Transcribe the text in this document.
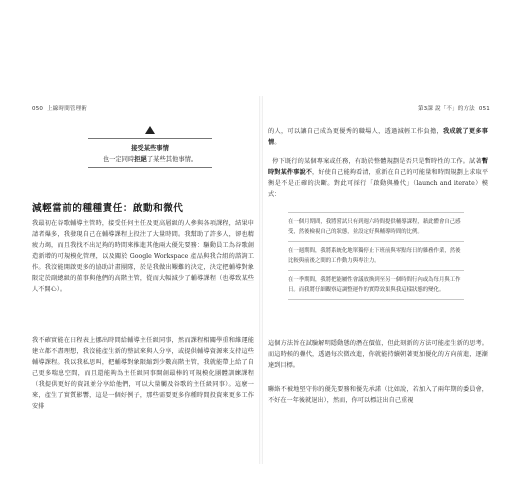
050 上線時間管理術
接受某些事情
也一定同時拒絕了某些其他事情。
減輕當前的種種責任：啟動和微代

我最初在谷歌輔導主管時，接受任何主任及更高層級的人參與各項課程，結果申請者爆多，我發現自己在輔導課程上投注了大量時間。我幫助了許多人，卻也精疲力竭，而且我找不出足夠的時間來推進其他兩大優先要務：驅動員工為谷歌創造新增的可規模化管理，以及關於 Google Workspace 產品與我合組的諮詢工作。我沒能開啟更多的協助計畫團隊，於是我做出艱難的決定，決定把輔導對象限定於副總級的董事與他們的高階主管，從而大幅減少了輔導課程（也導致某些人不開心）。

我不確實能在日程表上挪出時間給輔導主任級同事，然而課程相關學重和維運能建立都不盡理想，我沒能產生新的整試來與人分享，或提供輔導資源來支持這些輔導課程。我以我私思叫，把輔導對象限縮到少數高階主管，我就能帶上給了自己更多喘息空間，而且還能夠為主任級同事開創最棒的可規模化團體訓練課程（我提供更好的資訊並分享給他們，可以大量觸及谷歌的主任級同事）。這麼一來，產生了實質影響，這是一個好例子，那些需要更多你種時間投資來更多工作安排

第3課 說「不」的方法 051

的人，可以讓自己成為更優秀的職場人，透過減輕工作負擔，我成就了更多事情。

停下既行的某個專案或任務，有助於整體規劃是否只是暫時性的工作。試著暫時對某件事說不，好使自己能夠看清，重新在自己的可能量和時間規劃上求取平衡是不是正確的決斷。對此可採行「啟動與疊代」（launch and iterate）模式：

在一個月期間，我將嘗試只有到週六時間提供輔導課程，藉此體會自己感受，然後檢視自己的狀態，並設定好與輔導時間的比例。

在一週期間，我將系統化地單獨停止下班前與零點每日的雜務作業，然後比較與前後之間的工作動力與專注力。

在一季期間，我將把能屬性會議放換到至另一個時間行內或為每月與工作日。而我將仔細觀察這調整運作的實際效果與我這樣狀態的變化。

這個方法旨在試驗解明隱動態的潛在價值，但此刻新的方法可能產生新的思考。而這時候的疊代，透過每次微改進，你就能持續朝著更加優化的方向前進，逐漸達到目標。

聯絡不被地堅守你的優先要務和優先承諾（比如說，若加入了兩年期的委員會，不好在一年後就退出），然而，你可以標註出自己重視
